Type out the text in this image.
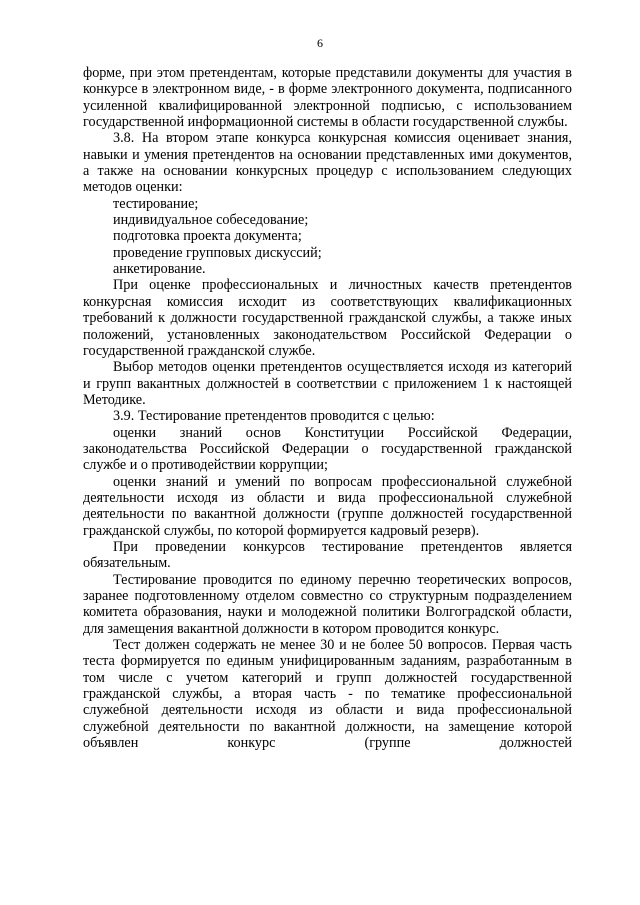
6

форме, при этом претендентам, которые представили документы для участия в конкурсе в электронном виде, - в форме электронного документа, подписанного усиленной квалифицированной электронной подписью, с использованием государственной информационной системы в области государственной службы.

3.8. На втором этапе конкурса конкурсная комиссия оценивает знания, навыки и умения претендентов на основании представленных ими документов, а также на основании конкурсных процедур с использованием следующих методов оценки:

тестирование;

индивидуальное собеседование;

подготовка проекта документа;

проведение групповых дискуссий;

анкетирование.

При оценке профессиональных и личностных качеств претендентов конкурсная комиссия исходит из соответствующих квалификационных требований к должности государственной гражданской службы, а также иных положений, установленных законодательством Российской Федерации о государственной гражданской службе.

Выбор методов оценки претендентов осуществляется исходя из категорий и групп вакантных должностей в соответствии с приложением 1 к настоящей Методике.

3.9. Тестирование претендентов проводится с целью:

оценки знаний основ Конституции Российской Федерации, законодательства Российской Федерации о государственной гражданской службе и о противодействии коррупции;

оценки знаний и умений по вопросам профессиональной служебной деятельности исходя из области и вида профессиональной служебной деятельности по вакантной должности (группе должностей государственной гражданской службы, по которой формируется кадровый резерв).

При проведении конкурсов тестирование претендентов является обязательным.

Тестирование проводится по единому перечню теоретических вопросов, заранее подготовленному отделом совместно со структурным подразделением комитета образования, науки и молодежной политики Волгоградской области, для замещения вакантной должности в котором проводится конкурс.

Тест должен содержать не менее 30 и не более 50 вопросов. Первая часть теста формируется по единым унифицированным заданиям, разработанным в том числе с учетом категорий и групп должностей государственной гражданской службы, а вторая часть - по тематике профессиональной служебной деятельности исходя из области и вида профессиональной служебной деятельности по вакантной должности, на замещение которой объявлен конкурс (группе должностей
